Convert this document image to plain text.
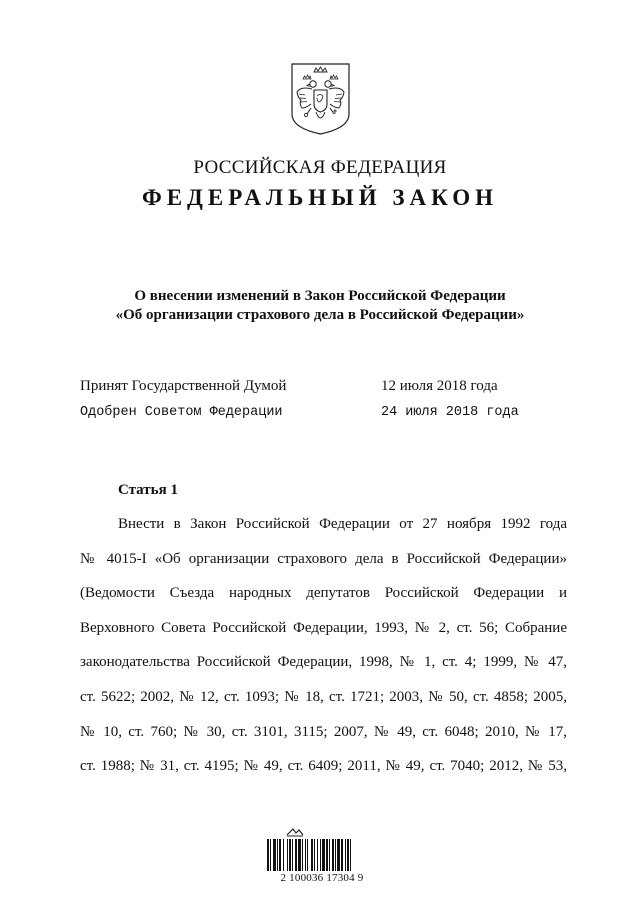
РОССИЙСКАЯ ФЕДЕРАЦИЯ
ФЕДЕРАЛЬНЫЙ ЗАКОН
О внесении изменений в Закон Российской Федерации
«Об организации страхового дела в Российской Федерации»
Принят Государственной Думой	12 июля 2018 года
Одобрен Советом Федерации	24 июля 2018 года
Статья 1
Внести в Закон Российской Федерации от 27 ноября 1992 года
№ 4015-I «Об организации страхового дела в Российской Федерации»
(Ведомости Съезда народных депутатов Российской Федерации и
Верховного Совета Российской Федерации, 1993, № 2, ст. 56; Собрание
законодательства Российской Федерации, 1998, № 1, ст. 4; 1999, № 47,
ст. 5622; 2002, № 12, ст. 1093; № 18, ст. 1721; 2003, № 50, ст. 4858; 2005,
№ 10, ст. 760; № 30, ст. 3101, 3115; 2007, № 49, ст. 6048; 2010, № 17,
ст. 1988; № 31, ст. 4195; № 49, ст. 6409; 2011, № 49, ст. 7040; 2012, № 53,
2 100036 17304 9
